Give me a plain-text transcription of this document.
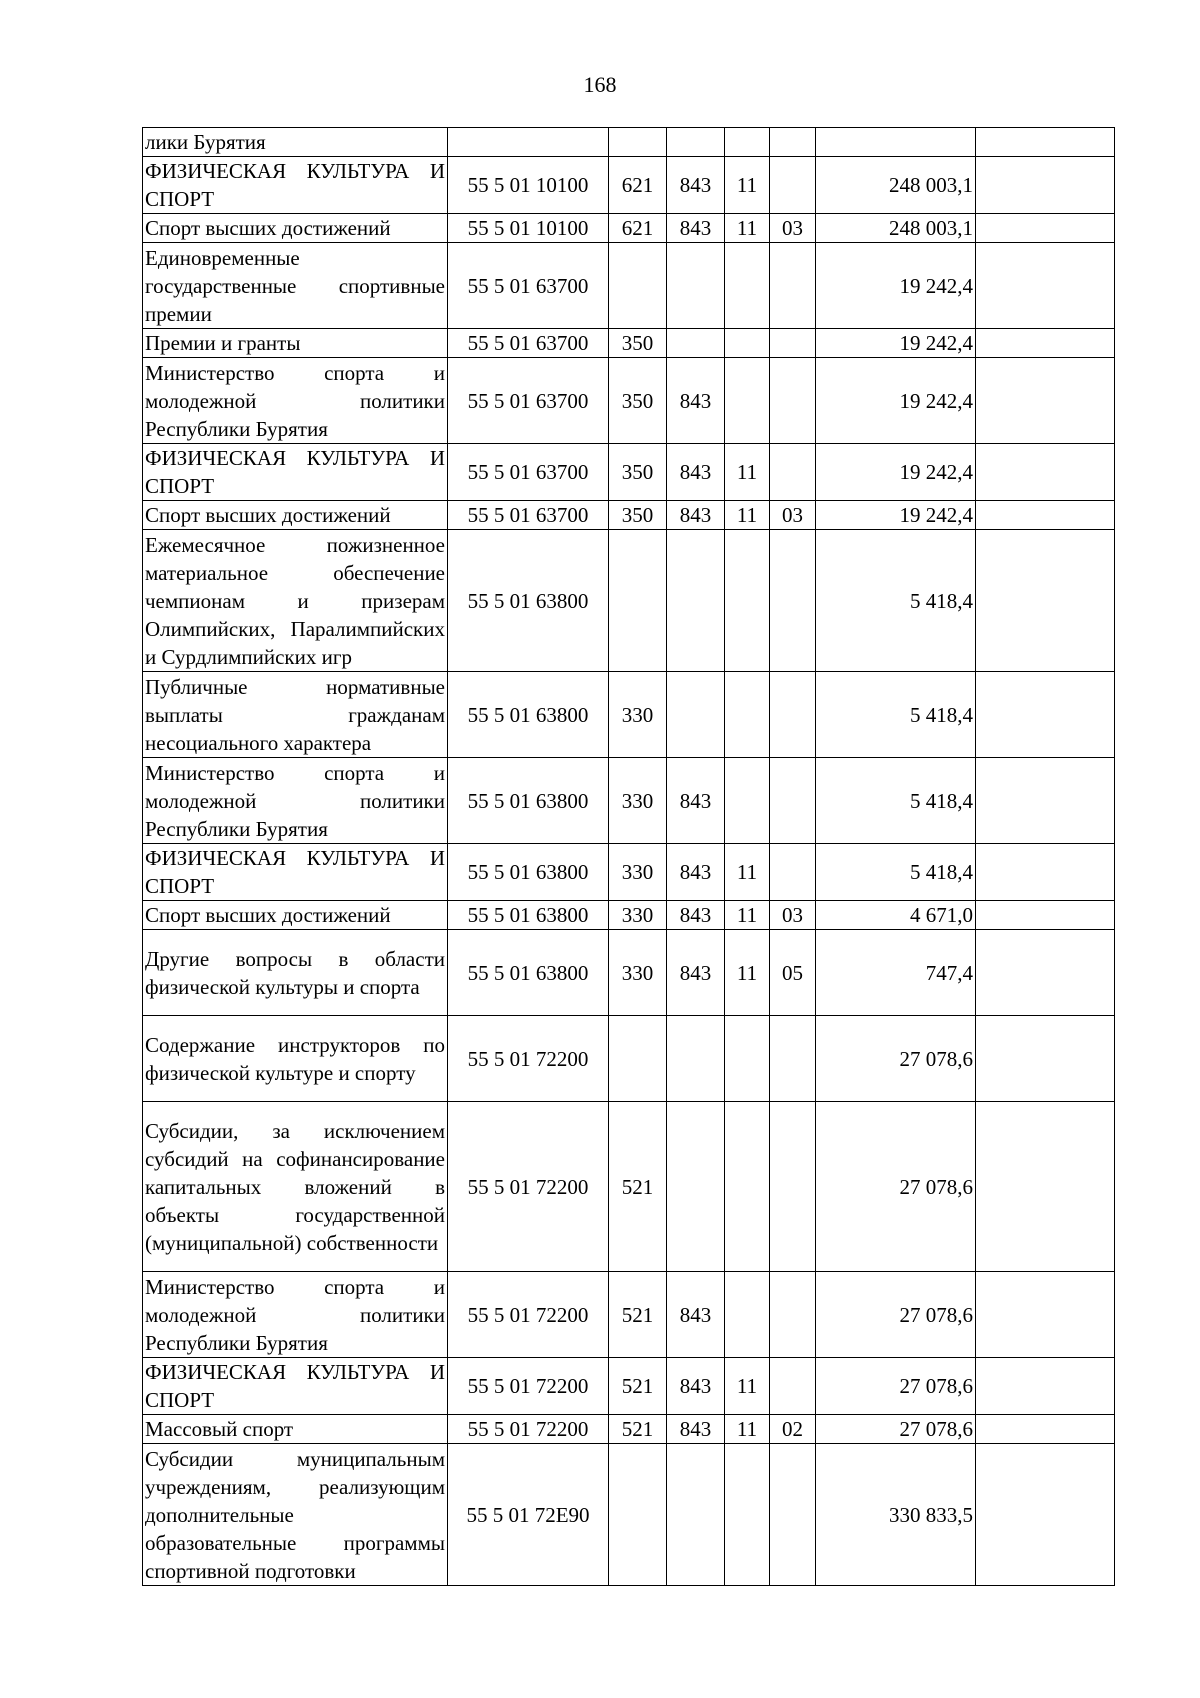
168
лики Бурятия							
ФИЗИЧЕСКАЯ КУЛЬТУРА И СПОРТ	55 5 01 10100	621	843	11		248 003,1	
Спорт высших достижений	55 5 01 10100	621	843	11	03	248 003,1	
Единовременные государственные спортивные премии	55 5 01 63700					19 242,4	
Премии и гранты	55 5 01 63700	350				19 242,4	
Министерство спорта и молодежной политики Республики Бурятия	55 5 01 63700	350	843			19 242,4	
ФИЗИЧЕСКАЯ КУЛЬТУРА И СПОРТ	55 5 01 63700	350	843	11		19 242,4	
Спорт высших достижений	55 5 01 63700	350	843	11	03	19 242,4	
Ежемесячное пожизненное материальное обеспечение чемпионам и призерам Олимпийских, Паралимпийских и Сурдлимпийских игр	55 5 01 63800					5 418,4	
Публичные нормативные выплаты гражданам несоциального характера	55 5 01 63800	330				5 418,4	
Министерство спорта и молодежной политики Республики Бурятия	55 5 01 63800	330	843			5 418,4	
ФИЗИЧЕСКАЯ КУЛЬТУРА И СПОРТ	55 5 01 63800	330	843	11		5 418,4	
Спорт высших достижений	55 5 01 63800	330	843	11	03	4 671,0	
Другие вопросы в области физической культуры и спорта	55 5 01 63800	330	843	11	05	747,4	
Содержание инструкторов по физической культуре и спорту	55 5 01 72200					27 078,6	
Субсидии, за исключением субсидий на софинансирование капитальных вложений в объекты государственной (муниципальной) собственности	55 5 01 72200	521				27 078,6	
Министерство спорта и молодежной политики Республики Бурятия	55 5 01 72200	521	843			27 078,6	
ФИЗИЧЕСКАЯ КУЛЬТУРА И СПОРТ	55 5 01 72200	521	843	11		27 078,6	
Массовый спорт	55 5 01 72200	521	843	11	02	27 078,6	
Субсидии муниципальным учреждениям, реализующим дополнительные образовательные программы спортивной подготовки	55 5 01 72E90					330 833,5	
